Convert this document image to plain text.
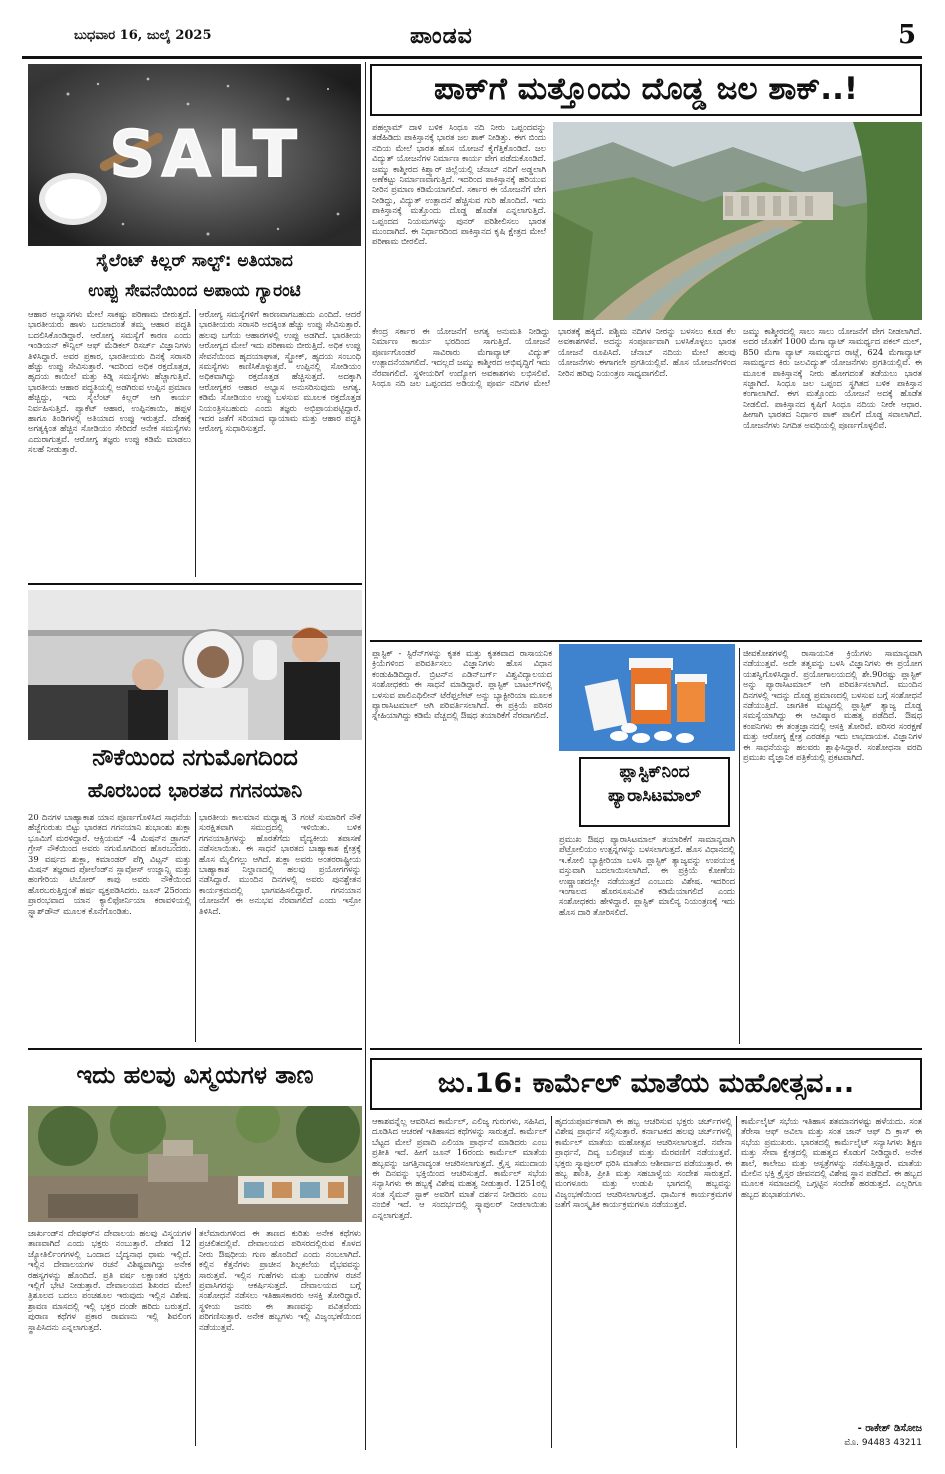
ಬುಧವಾರ 16, ಜುಲೈ 2025	ಪಾಂಡವ	5
SALT
ಸೈಲೆಂಟ್ ಕಿಲ್ಲರ್ ಸಾಲ್ಟ್: ಅತಿಯಾದ
ಉಪ್ಪು ಸೇವನೆಯಿಂದ ಅಪಾಯ ಗ್ಯಾರಂಟಿ
ಆಹಾರ ಅಭ್ಯಾಸಗಳು ಮೇಲೆ ಸಾಕಷ್ಟು ಪರಿಣಾಮ ಬೀರುತ್ತದೆ. ಭಾರತೀಯರು ಹಾಳು ಬದಲಾದಂತೆ ತಮ್ಮ ಆಹಾರ ಪದ್ಧತಿ ಬದಲಿಸಿಕೊಂಡಿದ್ದಾರೆ. ಆರೋಗ್ಯ ಸಮಸ್ಯೆಗೆ ಕಾರಣ ಎಂದು ಇಂಡಿಯನ್ ಕೌನ್ಸಿಲ್ ಆಫ್ ಮೆಡಿಕಲ್ ರಿಸರ್ಚ್ ವಿಜ್ಞಾನಿಗಳು ತಿಳಿಸಿದ್ದಾರೆ. ಅವರ ಪ್ರಕಾರ, ಭಾರತೀಯರು ದಿನಕ್ಕೆ ಸರಾಸರಿ ಹೆಚ್ಚು ಉಪ್ಪು ಸೇವಿಸುತ್ತಾರೆ. ಇದರಿಂದ ಅಧಿಕ ರಕ್ತದೊತ್ತಡ, ಹೃದಯ ಕಾಯಿಲೆ ಮತ್ತು ಕಿಡ್ನಿ ಸಮಸ್ಯೆಗಳು ಹೆಚ್ಚಾಗುತ್ತಿವೆ. ಭಾರತೀಯ ಆಹಾರ ಪದ್ಧತಿಯಲ್ಲಿ ಅಡಗಿರುವ ಉಪ್ಪಿನ ಪ್ರಮಾಣ ಹೆಚ್ಚಿದ್ದು, ಇದು ಸೈಲೆಂಟ್ ಕಿಲ್ಲರ್ ಆಗಿ ಕಾರ್ಯ ನಿರ್ವಹಿಸುತ್ತಿದೆ. ಪ್ಯಾಕೆಟ್ ಆಹಾರ, ಉಪ್ಪಿನಕಾಯಿ, ಹಪ್ಪಳ ಹಾಗೂ ತಿಂಡಿಗಳಲ್ಲಿ ಅತಿಯಾದ ಉಪ್ಪು ಇರುತ್ತದೆ. ದೇಹಕ್ಕೆ ಅಗತ್ಯಕ್ಕಿಂತ ಹೆಚ್ಚಿನ ಸೋಡಿಯಂ ಸೇರಿದರೆ ಅನೇಕ ಸಮಸ್ಯೆಗಳು ಎದುರಾಗುತ್ತವೆ. ಆರೋಗ್ಯ ತಜ್ಞರು ಉಪ್ಪು ಕಡಿಮೆ ಮಾಡಲು ಸಲಹೆ ನೀಡುತ್ತಾರೆ.
ಆರೋಗ್ಯ ಸಮಸ್ಯೆಗಳಿಗೆ ಕಾರಣವಾಗಬಹುದು ಎಂದಿದೆ. ಆದರೆ ಭಾರತೀಯರು ಸರಾಸರಿ ಅದಕ್ಕಿಂತ ಹೆಚ್ಚು ಉಪ್ಪು ಸೇವಿಸುತ್ತಾರೆ. ಹಲವು ಬಗೆಯ ಆಹಾರಗಳಲ್ಲಿ ಉಪ್ಪು ಅಡಗಿದೆ. ಭಾರತೀಯ ಆರೋಗ್ಯದ ಮೇಲೆ ಇದು ಪರಿಣಾಮ ಬೀರುತ್ತಿದೆ. ಅಧಿಕ ಉಪ್ಪು ಸೇವನೆಯಿಂದ ಹೃದಯಾಘಾತ, ಸ್ಟ್ರೋಕ್, ಹೃದಯ ಸಂಬಂಧಿ ಸಮಸ್ಯೆಗಳು ಕಾಣಿಸಿಕೊಳ್ಳುತ್ತವೆ. ಉಪ್ಪಿನಲ್ಲಿ ಸೋಡಿಯಂ ಅಧಿಕವಾಗಿದ್ದು ರಕ್ತದೊತ್ತಡ ಹೆಚ್ಚಿಸುತ್ತದೆ. ಅದಕ್ಕಾಗಿ ಆರೋಗ್ಯಕರ ಆಹಾರ ಅಭ್ಯಾಸ ಅನುಸರಿಸುವುದು ಅಗತ್ಯ. ಕಡಿಮೆ ಸೋಡಿಯಂ ಉಪ್ಪು ಬಳಸುವ ಮೂಲಕ ರಕ್ತದೊತ್ತಡ ನಿಯಂತ್ರಿಸಬಹುದು ಎಂದು ತಜ್ಞರು ಅಭಿಪ್ರಾಯಪಟ್ಟಿದ್ದಾರೆ. ಇದರ ಜತೆಗೆ ಸರಿಯಾದ ವ್ಯಾಯಾಮ ಮತ್ತು ಆಹಾರ ಪದ್ಧತಿ ಆರೋಗ್ಯ ಸುಧಾರಿಸುತ್ತದೆ.
ಪಾಕ್‌ಗೆ ಮತ್ತೊಂದು ದೊಡ್ಡ ಜಲ ಶಾಕ್..!
ಪಹಲ್ಗಾಮ್ ದಾಳಿ ಬಳಿಕ ಸಿಂಧೂ ನದಿ ನೀರು ಒಪ್ಪಂದವನ್ನು ತಡೆಹಿಡಿದು ಪಾಕಿಸ್ತಾನಕ್ಕೆ ಭಾರತ ಜಲ ಶಾಕ್ ನೀಡಿತ್ತು. ಈಗ ಬಿಂದು ನದಿಯ ಮೇಲೆ ಭಾರತ ಹೊಸ ಯೋಜನೆ ಕೈಗೆತ್ತಿಕೊಂಡಿದೆ. ಜಲ ವಿದ್ಯುತ್ ಯೋಜನೆಗಳ ನಿರ್ಮಾಣ ಕಾರ್ಯ ವೇಗ ಪಡೆದುಕೊಂಡಿದೆ. ಜಮ್ಮು ಕಾಶ್ಮೀರದ ಕಿಶ್ತ್ವಾರ್ ಜಿಲ್ಲೆಯಲ್ಲಿ ಚೆನಾಬ್ ನದಿಗೆ ಅಡ್ಡಲಾಗಿ ಅಣೆಕಟ್ಟು ನಿರ್ಮಾಣವಾಗುತ್ತಿದೆ. ಇದರಿಂದ ಪಾಕಿಸ್ತಾನಕ್ಕೆ ಹರಿಯುವ ನೀರಿನ ಪ್ರಮಾಣ ಕಡಿಮೆಯಾಗಲಿದೆ. ಸರ್ಕಾರ ಈ ಯೋಜನೆಗೆ ವೇಗ ನೀಡಿದ್ದು, ವಿದ್ಯುತ್ ಉತ್ಪಾದನೆ ಹೆಚ್ಚಿಸುವ ಗುರಿ ಹೊಂದಿದೆ. ಇದು ಪಾಕಿಸ್ತಾನಕ್ಕೆ ಮತ್ತೊಂದು ದೊಡ್ಡ ಹೊಡೆತ ಎನ್ನಲಾಗುತ್ತಿದೆ. ಒಪ್ಪಂದದ ನಿಯಮಗಳನ್ನು ಪುನರ್ ಪರಿಶೀಲಿಸಲು ಭಾರತ ಮುಂದಾಗಿದೆ. ಈ ನಿರ್ಧಾರದಿಂದ ಪಾಕಿಸ್ತಾನದ ಕೃಷಿ ಕ್ಷೇತ್ರದ ಮೇಲೆ ಪರಿಣಾಮ ಬೀರಲಿದೆ.
ಕೇಂದ್ರ ಸರ್ಕಾರ ಈ ಯೋಜನೆಗೆ ಅಗತ್ಯ ಅನುಮತಿ ನೀಡಿದ್ದು ನಿರ್ಮಾಣ ಕಾರ್ಯ ಭರದಿಂದ ಸಾಗುತ್ತಿದೆ. ಯೋಜನೆ ಪೂರ್ಣಗೊಂಡರೆ ಸಾವಿರಾರು ಮೆಗಾವ್ಯಾಟ್ ವಿದ್ಯುತ್ ಉತ್ಪಾದನೆಯಾಗಲಿದೆ. ಇದಲ್ಲದೆ ಜಮ್ಮು ಕಾಶ್ಮೀರದ ಅಭಿವೃದ್ಧಿಗೆ ಇದು ನೆರವಾಗಲಿದೆ. ಸ್ಥಳೀಯರಿಗೆ ಉದ್ಯೋಗ ಅವಕಾಶಗಳು ಲಭಿಸಲಿವೆ. ಸಿಂಧೂ ನದಿ ಜಲ ಒಪ್ಪಂದದ ಅಡಿಯಲ್ಲಿ ಪೂರ್ವ ನದಿಗಳ ಮೇಲೆ ಭಾರತಕ್ಕೆ ಹಕ್ಕಿದೆ. ಪಶ್ಚಿಮ ನದಿಗಳ ನೀರನ್ನು ಬಳಸಲು ಕೂಡ ಕೆಲ ಅವಕಾಶಗಳಿವೆ. ಅದನ್ನು ಸಂಪೂರ್ಣವಾಗಿ ಬಳಸಿಕೊಳ್ಳಲು ಭಾರತ ಯೋಜನೆ ರೂಪಿಸಿದೆ. ಚೆನಾಬ್ ನದಿಯ ಮೇಲೆ ಹಲವು ಯೋಜನೆಗಳು ಈಗಾಗಲೇ ಪ್ರಗತಿಯಲ್ಲಿವೆ. ಹೊಸ ಯೋಜನೆಗಳಿಂದ ನೀರಿನ ಹರಿವು ನಿಯಂತ್ರಣ ಸಾಧ್ಯವಾಗಲಿದೆ.
ಜಮ್ಮು ಕಾಶ್ಮೀರದಲ್ಲಿ ಸಾಲು ಸಾಲು ಯೋಜನೆಗೆ ವೇಗ ನೀಡಲಾಗಿದೆ. ಅದರ ಜೊತೆಗೆ 1000 ಮೆಗಾ ವ್ಯಾಟ್ ಸಾಮರ್ಥ್ಯದ ಪಕಲ್ ದುಲ್, 850 ಮೆಗಾ ವ್ಯಾಟ್ ಸಾಮರ್ಥ್ಯದ ರಾಟ್ಲೆ, 624 ಮೆಗಾವ್ಯಾಟ್ ಸಾಮರ್ಥ್ಯದ ಕಿರು ಜಲವಿದ್ಯುತ್ ಯೋಜನೆಗಳು ಪ್ರಗತಿಯಲ್ಲಿವೆ. ಈ ಮೂಲಕ ಪಾಕಿಸ್ತಾನಕ್ಕೆ ನೀರು ಹೋಗದಂತೆ ತಡೆಯಲು ಭಾರತ ಸಜ್ಜಾಗಿದೆ. ಸಿಂಧೂ ಜಲ ಒಪ್ಪಂದ ಸ್ಥಗಿತದ ಬಳಿಕ ಪಾಕಿಸ್ತಾನ ಕಂಗಾಲಾಗಿದೆ. ಈಗ ಮತ್ತೊಂದು ಯೋಜನೆ ಅದಕ್ಕೆ ಹೊಡೆತ ನೀಡಲಿದೆ. ಪಾಕಿಸ್ತಾನದ ಕೃಷಿಗೆ ಸಿಂಧೂ ನದಿಯ ನೀರೇ ಆಧಾರ. ಹೀಗಾಗಿ ಭಾರತದ ನಿರ್ಧಾರ ಪಾಕ್ ಪಾಲಿಗೆ ದೊಡ್ಡ ಸವಾಲಾಗಿದೆ. ಯೋಜನೆಗಳು ನಿಗದಿತ ಅವಧಿಯಲ್ಲಿ ಪೂರ್ಣಗೊಳ್ಳಲಿವೆ.
ನೌಕೆಯಿಂದ ನಗುಮೊಗದಿಂದ
ಹೊರಬಂದ ಭಾರತದ ಗಗನಯಾನಿ
20 ದಿನಗಳ ಬಾಹ್ಯಾಕಾಶ ಯಾನ ಪೂರ್ಣಗೊಳಿಸಿದ ಸಾಧನೆಯ ಹೆಜ್ಜೆಗುರುತು ಬಿಟ್ಟು ಭಾರತದ ಗಗನಯಾನಿ ಶುಭಾಂಶು ಶುಕ್ಲಾ ಭೂಮಿಗೆ ಮರಳಿದ್ದಾರೆ. ಆಕ್ಸಿಯಮ್ -4 ಮಿಷನ್‌ನ ಡ್ರ್ಯಾಗನ್ ಗ್ರೇಸ್ ನೌಕೆಯಿಂದ ಅವರು ನಗುಮೊಗದಿಂದ ಹೊರಬಂದರು. 39 ವರ್ಷದ ಶುಕ್ಲಾ, ಕಮಾಂಡರ್ ಪೆಗ್ಗಿ ವಿಟ್ಸನ್ ಮತ್ತು ಮಿಷನ್ ತಜ್ಞರಾದ ಪೋಲೆಂಡ್‌ನ ಸ್ಲಾವೋಸ್ ಉಜ್ನಾನ್ಸ್ಕಿ ಮತ್ತು ಹಂಗೇರಿಯ ಟಿಬೋರ್ ಕಾಪು ಅವರು ನೌಕೆಯಿಂದ ಹೊರಬರುತ್ತಿದ್ದಂತೆ ಹರ್ಷ ವ್ಯಕ್ತಪಡಿಸಿದರು. ಜೂನ್ 25ರಂದು ಪ್ರಾರಂಭವಾದ ಯಾನ ಕ್ಯಾಲಿಫೋರ್ನಿಯಾ ಕರಾವಳಿಯಲ್ಲಿ ಸ್ಪ್ಲಾಶ್‌ಡೌನ್ ಮೂಲಕ ಕೊನೆಗೊಂಡಿತು.
ಭಾರತೀಯ ಕಾಲಮಾನ ಮಧ್ಯಾಹ್ನ 3 ಗಂಟೆ ಸುಮಾರಿಗೆ ನೌಕೆ ಸುರಕ್ಷಿತವಾಗಿ ಸಮುದ್ರದಲ್ಲಿ ಇಳಿಯಿತು. ಬಳಿಕ ಗಗನಯಾತ್ರಿಗಳನ್ನು ಹೊರತೆಗೆದು ವೈದ್ಯಕೀಯ ತಪಾಸಣೆ ನಡೆಸಲಾಯಿತು. ಈ ಸಾಧನೆ ಭಾರತದ ಬಾಹ್ಯಾಕಾಶ ಕ್ಷೇತ್ರಕ್ಕೆ ಹೊಸ ಮೈಲಿಗಲ್ಲು ಆಗಿದೆ. ಶುಕ್ಲಾ ಅವರು ಅಂತರರಾಷ್ಟ್ರೀಯ ಬಾಹ್ಯಾಕಾಶ ನಿಲ್ದಾಣದಲ್ಲಿ ಹಲವು ಪ್ರಯೋಗಗಳನ್ನು ನಡೆಸಿದ್ದಾರೆ. ಮುಂದಿನ ದಿನಗಳಲ್ಲಿ ಅವರು ಪುನಶ್ಚೇತನ ಕಾರ್ಯಕ್ರಮದಲ್ಲಿ ಭಾಗವಹಿಸಲಿದ್ದಾರೆ. ಗಗನಯಾನ ಯೋಜನೆಗೆ ಈ ಅನುಭವ ನೆರವಾಗಲಿದೆ ಎಂದು ಇಸ್ರೋ ತಿಳಿಸಿದೆ.
ಪ್ಲಾಸ್ಟಿಕ್ - ಸ್ಟಿರೆನ್‌ಗಳನ್ನು ಕೃತಕ ಮತ್ತು ಕೃತಕವಾದ ರಾಸಾಯನಿಕ ಕ್ರಿಯೆಗಳಿಂದ ಪರಿವರ್ತಿಸಲು ವಿಜ್ಞಾನಿಗಳು ಹೊಸ ವಿಧಾನ ಕಂಡುಹಿಡಿದಿದ್ದಾರೆ. ಬ್ರಿಟನ್‌ನ ಎಡಿನ್‌ಬರ್ಗ್ ವಿಶ್ವವಿದ್ಯಾಲಯದ ಸಂಶೋಧಕರು ಈ ಸಾಧನೆ ಮಾಡಿದ್ದಾರೆ. ಪ್ಲಾಸ್ಟಿಕ್ ಬಾಟಲ್‌ಗಳಲ್ಲಿ ಬಳಸುವ ಪಾಲಿಎಥಿಲೀನ್ ಟೆರೆಫ್ತಲೇಟ್ ಅನ್ನು ಬ್ಯಾಕ್ಟೀರಿಯಾ ಮೂಲಕ ಪ್ಯಾರಾಸಿಟಮಾಲ್ ಆಗಿ ಪರಿವರ್ತಿಸಲಾಗಿದೆ. ಈ ಪ್ರಕ್ರಿಯೆ ಪರಿಸರ ಸ್ನೇಹಿಯಾಗಿದ್ದು ಕಡಿಮೆ ವೆಚ್ಚದಲ್ಲಿ ಔಷಧ ತಯಾರಿಕೆಗೆ ನೆರವಾಗಲಿದೆ.
ಪ್ಲಾಸ್ಟಿಕ್‌ನಿಂದ
ಪ್ಯಾರಾಸಿಟಮಾಲ್
ಪ್ರಮುಖ ಔಷಧ ಪ್ಯಾರಾಸಿಟಮಾಲ್ ತಯಾರಿಕೆಗೆ ಸಾಮಾನ್ಯವಾಗಿ ಪೆಟ್ರೋಲಿಯಂ ಉತ್ಪನ್ನಗಳನ್ನು ಬಳಸಲಾಗುತ್ತದೆ. ಹೊಸ ವಿಧಾನದಲ್ಲಿ ಇ.ಕೋಲಿ ಬ್ಯಾಕ್ಟೀರಿಯಾ ಬಳಸಿ ಪ್ಲಾಸ್ಟಿಕ್ ತ್ಯಾಜ್ಯವನ್ನು ಉಪಯುಕ್ತ ವಸ್ತುವಾಗಿ ಬದಲಾಯಿಸಲಾಗಿದೆ. ಈ ಪ್ರಕ್ರಿಯೆ ಕೋಣೆಯ ಉಷ್ಣಾಂಶದಲ್ಲೇ ನಡೆಯುತ್ತದೆ ಎಂಬುದು ವಿಶೇಷ. ಇದರಿಂದ ಇಂಗಾಲದ ಹೊರಸೂಸುವಿಕೆ ಕಡಿಮೆಯಾಗಲಿದೆ ಎಂದು ಸಂಶೋಧಕರು ಹೇಳಿದ್ದಾರೆ. ಪ್ಲಾಸ್ಟಿಕ್ ಮಾಲಿನ್ಯ ನಿಯಂತ್ರಣಕ್ಕೆ ಇದು ಹೊಸ ದಾರಿ ತೋರಿಸಲಿದೆ.
ಜೀವಕೋಶಗಳಲ್ಲಿ ರಾಸಾಯನಿಕ ಕ್ರಿಯೆಗಳು ಸಾಮಾನ್ಯವಾಗಿ ನಡೆಯುತ್ತವೆ. ಅದೇ ತತ್ವವನ್ನು ಬಳಸಿ ವಿಜ್ಞಾನಿಗಳು ಈ ಪ್ರಯೋಗ ಯಶಸ್ವಿಗೊಳಿಸಿದ್ದಾರೆ. ಪ್ರಯೋಗಾಲಯದಲ್ಲಿ ಶೇ.90ರಷ್ಟು ಪ್ಲಾಸ್ಟಿಕ್ ಅನ್ನು ಪ್ಯಾರಾಸಿಟಮಾಲ್ ಆಗಿ ಪರಿವರ್ತಿಸಲಾಗಿದೆ. ಮುಂದಿನ ದಿನಗಳಲ್ಲಿ ಇದನ್ನು ದೊಡ್ಡ ಪ್ರಮಾಣದಲ್ಲಿ ಬಳಸುವ ಬಗ್ಗೆ ಸಂಶೋಧನೆ ನಡೆಯುತ್ತಿದೆ. ಜಾಗತಿಕ ಮಟ್ಟದಲ್ಲಿ ಪ್ಲಾಸ್ಟಿಕ್ ತ್ಯಾಜ್ಯ ದೊಡ್ಡ ಸಮಸ್ಯೆಯಾಗಿದ್ದು ಈ ಆವಿಷ್ಕಾರ ಮಹತ್ವ ಪಡೆದಿದೆ. ಔಷಧ ಕಂಪನಿಗಳು ಈ ತಂತ್ರಜ್ಞಾನದಲ್ಲಿ ಆಸಕ್ತಿ ತೋರಿವೆ. ಪರಿಸರ ಸಂರಕ್ಷಣೆ ಮತ್ತು ಆರೋಗ್ಯ ಕ್ಷೇತ್ರ ಎರಡಕ್ಕೂ ಇದು ಲಾಭದಾಯಕ. ವಿಜ್ಞಾನಿಗಳ ಈ ಸಾಧನೆಯನ್ನು ಹಲವರು ಶ್ಲಾಘಿಸಿದ್ದಾರೆ. ಸಂಶೋಧನಾ ವರದಿ ಪ್ರಮುಖ ವೈಜ್ಞಾನಿಕ ಪತ್ರಿಕೆಯಲ್ಲಿ ಪ್ರಕಟವಾಗಿದೆ.
ಇದು ಹಲವು ವಿಸ್ಮಯಗಳ ತಾಣ
ಜಾರ್ಖಂಡ್‌ನ ದೇವಘರ್‌ನ ದೇವಾಲಯ ಹಲವು ವಿಸ್ಮಯಗಳ ತಾಣವಾಗಿದೆ ಎಂದು ಭಕ್ತರು ನಂಬುತ್ತಾರೆ. ದೇಶದ 12 ಜ್ಯೋತಿರ್ಲಿಂಗಗಳಲ್ಲಿ ಒಂದಾದ ಬೈದ್ಯನಾಥ ಧಾಮ ಇಲ್ಲಿದೆ. ಇಲ್ಲಿನ ದೇವಾಲಯಗಳ ರಚನೆ ವಿಶಿಷ್ಟವಾಗಿದ್ದು ಅನೇಕ ರಹಸ್ಯಗಳನ್ನು ಹೊಂದಿದೆ. ಪ್ರತಿ ವರ್ಷ ಲಕ್ಷಾಂತರ ಭಕ್ತರು ಇಲ್ಲಿಗೆ ಭೇಟಿ ನೀಡುತ್ತಾರೆ. ದೇವಾಲಯದ ಶಿಖರದ ಮೇಲೆ ತ್ರಿಶೂಲದ ಬದಲು ಪಂಚಶೂಲ ಇರುವುದು ಇಲ್ಲಿನ ವಿಶೇಷ. ಶ್ರಾವಣ ಮಾಸದಲ್ಲಿ ಇಲ್ಲಿ ಭಕ್ತರ ದಂಡೇ ಹರಿದು ಬರುತ್ತದೆ. ಪುರಾಣ ಕಥೆಗಳ ಪ್ರಕಾರ ರಾವಣನು ಇಲ್ಲಿ ಶಿವಲಿಂಗ ಸ್ಥಾಪಿಸಿದನು ಎನ್ನಲಾಗುತ್ತದೆ.
ತಲೆಮಾರುಗಳಿಂದ ಈ ತಾಣದ ಕುರಿತು ಅನೇಕ ಕಥೆಗಳು ಪ್ರಚಲಿತದಲ್ಲಿವೆ. ದೇವಾಲಯದ ಪರಿಸರದಲ್ಲಿರುವ ಕೊಳದ ನೀರು ಔಷಧೀಯ ಗುಣ ಹೊಂದಿದೆ ಎಂದು ನಂಬಲಾಗಿದೆ. ಕಲ್ಲಿನ ಕೆತ್ತನೆಗಳು ಪ್ರಾಚೀನ ಶಿಲ್ಪಕಲೆಯ ವೈಭವವನ್ನು ಸಾರುತ್ತವೆ. ಇಲ್ಲಿನ ಗುಹೆಗಳು ಮತ್ತು ಬಂಡೆಗಳ ರಚನೆ ಪ್ರವಾಸಿಗರನ್ನು ಆಕರ್ಷಿಸುತ್ತದೆ. ದೇವಾಲಯದ ಬಗ್ಗೆ ಸಂಶೋಧನೆ ನಡೆಸಲು ಇತಿಹಾಸಕಾರರು ಆಸಕ್ತಿ ತೋರಿದ್ದಾರೆ. ಸ್ಥಳೀಯ ಜನರು ಈ ತಾಣವನ್ನು ಪವಿತ್ರವೆಂದು ಪರಿಗಣಿಸುತ್ತಾರೆ. ಅನೇಕ ಹಬ್ಬಗಳು ಇಲ್ಲಿ ವಿಜೃಂಭಣೆಯಿಂದ ನಡೆಯುತ್ತವೆ.
ಜು.16: ಕಾರ್ಮೆಲ್ ಮಾತೆಯ ಮಹೋತ್ಸವ...
ಆಕಾಶವನ್ನೆಲ್ಲ ಆವರಿಸಿದ ಕಾರ್ಮೆಲ್, ಎಲಿಜ್ಯ ಗುರುಗಳು, ಸಹಿಸಿದ, ದೂಡಿಸಿದ ಆಚರಣೆ ಇತಿಹಾಸದ ಕಥೆಗಳನ್ನು ಸಾರುತ್ತದೆ. ಕಾರ್ಮೆಲ್ ಬೆಟ್ಟದ ಮೇಲೆ ಪ್ರವಾದಿ ಎಲಿಯಾ ಪ್ರಾರ್ಥನೆ ಮಾಡಿದರು ಎಂಬ ಪ್ರತೀತಿ ಇದೆ. ಹೀಗೆ ಜೂನ್ 16ರಂದು ಕಾರ್ಮೆಲ್ ಮಾತೆಯ ಹಬ್ಬವನ್ನು ಜಗತ್ತಿನಾದ್ಯಂತ ಆಚರಿಸಲಾಗುತ್ತದೆ. ಕ್ರೈಸ್ತ ಸಮುದಾಯ ಈ ದಿನವನ್ನು ಭಕ್ತಿಯಿಂದ ಆಚರಿಸುತ್ತದೆ. ಕಾರ್ಮೆಲ್ ಸಭೆಯ ಸನ್ಯಾಸಿಗಳು ಈ ಹಬ್ಬಕ್ಕೆ ವಿಶೇಷ ಮಹತ್ವ ನೀಡುತ್ತಾರೆ. 1251ರಲ್ಲಿ ಸಂತ ಸೈಮನ್ ಸ್ಟಾಕ್ ಅವರಿಗೆ ಮಾತೆ ದರ್ಶನ ನೀಡಿದರು ಎಂಬ ನಂಬಿಕೆ ಇದೆ. ಆ ಸಂದರ್ಭದಲ್ಲಿ ಸ್ಕ್ಯಾಪುಲರ್ ನೀಡಲಾಯಿತು ಎನ್ನಲಾಗುತ್ತದೆ.
ಹೃದಯಪೂರ್ವಕವಾಗಿ ಈ ಹಬ್ಬ ಆಚರಿಸುವ ಭಕ್ತರು ಚರ್ಚ್‌ಗಳಲ್ಲಿ ವಿಶೇಷ ಪ್ರಾರ್ಥನೆ ಸಲ್ಲಿಸುತ್ತಾರೆ. ಕರ್ನಾಟಕದ ಹಲವು ಚರ್ಚ್‌ಗಳಲ್ಲಿ ಕಾರ್ಮೆಲ್ ಮಾತೆಯ ಮಹೋತ್ಸವ ಆಚರಿಸಲಾಗುತ್ತದೆ. ನವೇನಾ ಪ್ರಾರ್ಥನೆ, ದಿವ್ಯ ಬಲಿಪೂಜೆ ಮತ್ತು ಮೆರವಣಿಗೆ ನಡೆಯುತ್ತವೆ. ಭಕ್ತರು ಸ್ಕ್ಯಾಪುಲರ್ ಧರಿಸಿ ಮಾತೆಯ ಆಶೀರ್ವಾದ ಪಡೆಯುತ್ತಾರೆ. ಈ ಹಬ್ಬ ಶಾಂತಿ, ಪ್ರೀತಿ ಮತ್ತು ಸಹಬಾಳ್ವೆಯ ಸಂದೇಶ ಸಾರುತ್ತದೆ. ಮಂಗಳೂರು ಮತ್ತು ಉಡುಪಿ ಭಾಗದಲ್ಲಿ ಹಬ್ಬವನ್ನು ವಿಜೃಂಭಣೆಯಿಂದ ಆಚರಿಸಲಾಗುತ್ತದೆ. ಧಾರ್ಮಿಕ ಕಾರ್ಯಕ್ರಮಗಳ ಜತೆಗೆ ಸಾಂಸ್ಕೃತಿಕ ಕಾರ್ಯಕ್ರಮಗಳೂ ನಡೆಯುತ್ತವೆ.
ಕಾರ್ಮೆಲೈಟ್ ಸಭೆಯ ಇತಿಹಾಸ ಶತಮಾನಗಳಷ್ಟು ಹಳೆಯದು. ಸಂತ ತೆರೇಸಾ ಆಫ್ ಅವಿಲಾ ಮತ್ತು ಸಂತ ಜಾನ್ ಆಫ್ ದಿ ಕ್ರಾಸ್ ಈ ಸಭೆಯ ಪ್ರಮುಖರು. ಭಾರತದಲ್ಲಿ ಕಾರ್ಮೆಲೈಟ್ ಸನ್ಯಾಸಿಗಳು ಶಿಕ್ಷಣ ಮತ್ತು ಸೇವಾ ಕ್ಷೇತ್ರದಲ್ಲಿ ಮಹತ್ವದ ಕೊಡುಗೆ ನೀಡಿದ್ದಾರೆ. ಅನೇಕ ಶಾಲೆ, ಕಾಲೇಜು ಮತ್ತು ಆಸ್ಪತ್ರೆಗಳನ್ನು ನಡೆಸುತ್ತಿದ್ದಾರೆ. ಮಾತೆಯ ಮೇಲಿನ ಭಕ್ತಿ ಕ್ರೈಸ್ತರ ಜೀವನದಲ್ಲಿ ವಿಶೇಷ ಸ್ಥಾನ ಪಡೆದಿದೆ. ಈ ಹಬ್ಬದ ಮೂಲಕ ಸಮಾಜದಲ್ಲಿ ಒಗ್ಗಟ್ಟಿನ ಸಂದೇಶ ಹರಡುತ್ತದೆ. ಎಲ್ಲರಿಗೂ ಹಬ್ಬದ ಶುಭಾಶಯಗಳು.
- ರಾಕೇಶ್ ಡಿಸೋಜ
ಮೊ. 94483 43211
